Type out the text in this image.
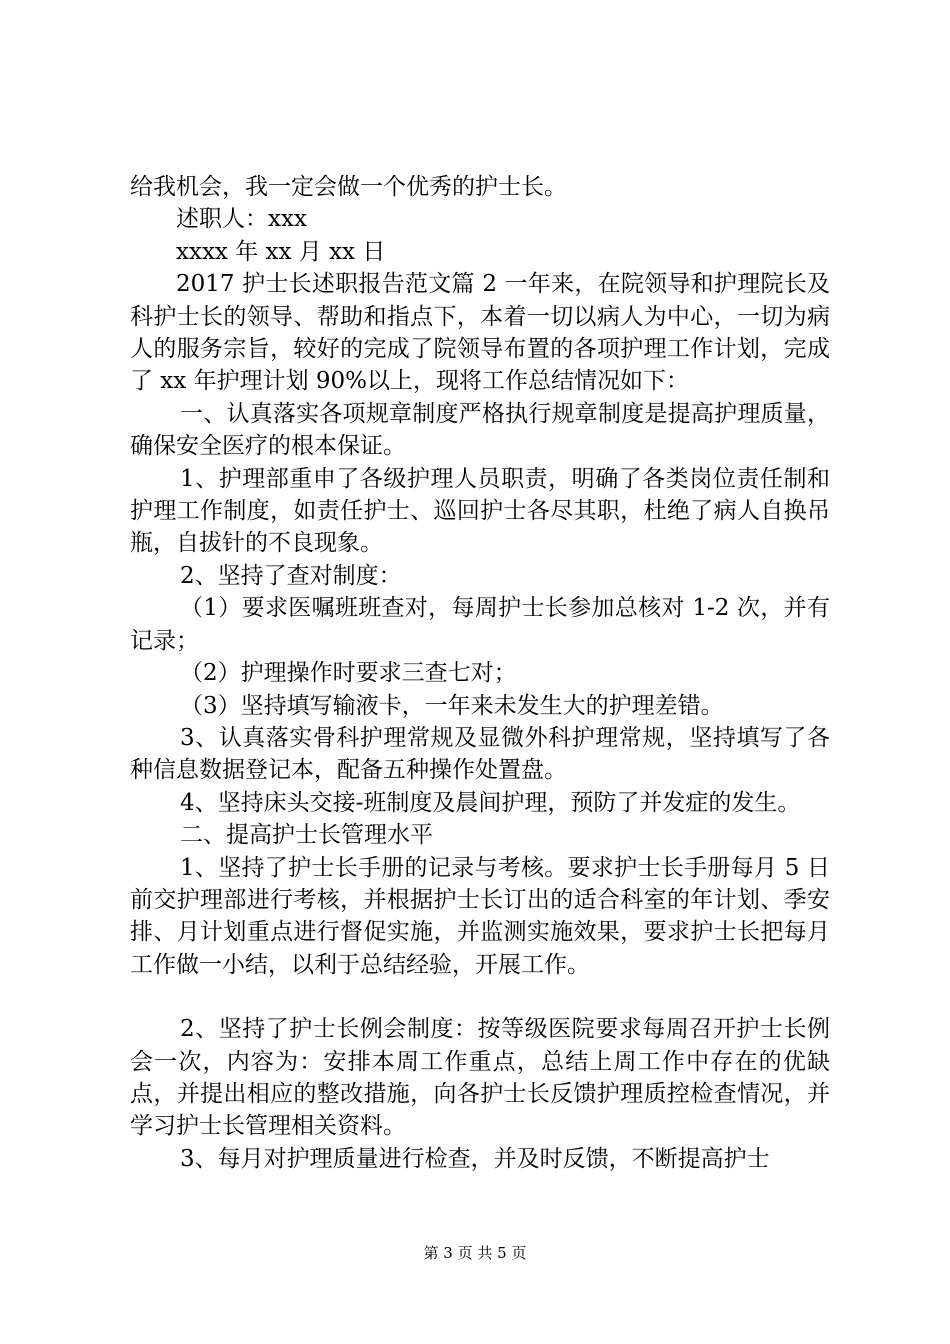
给我机会，我一定会做一个优秀的护士长。

述职人：xxx

xxxx 年 xx 月 xx 日

2017 护士长述职报告范文篇 2 一年来，在院领导和护理院长及科护士长的领导、帮助和指点下，本着一切以病人为中心，一切为病人的服务宗旨，较好的完成了院领导布置的各项护理工作计划，完成了 xx 年护理计划 90%以上，现将工作总结情况如下：

一、认真落实各项规章制度严格执行规章制度是提高护理质量，确保安全医疗的根本保证。

1、护理部重申了各级护理人员职责，明确了各类岗位责任制和护理工作制度，如责任护士、巡回护士各尽其职，杜绝了病人自换吊瓶，自拔针的不良现象。

2、坚持了查对制度：

（1）要求医嘱班班查对，每周护士长参加总核对 1-2 次，并有记录；

（2）护理操作时要求三查七对；

（3）坚持填写输液卡，一年来未发生大的护理差错。

3、认真落实骨科护理常规及显微外科护理常规，坚持填写了各种信息数据登记本，配备五种操作处置盘。

4、坚持床头交接-班制度及晨间护理，预防了并发症的发生。

二、提高护士长管理水平

1、坚持了护士长手册的记录与考核。要求护士长手册每月 5 日前交护理部进行考核，并根据护士长订出的适合科室的年计划、季安排、月计划重点进行督促实施，并监测实施效果，要求护士长把每月工作做一小结，以利于总结经验，开展工作。

2、坚持了护士长例会制度：按等级医院要求每周召开护士长例会一次，内容为：安排本周工作重点，总结上周工作中存在的优缺点，并提出相应的整改措施，向各护士长反馈护理质控检查情况，并学习护士长管理相关资料。

3、每月对护理质量进行检查，并及时反馈，不断提高护士

第 3 页 共 5 页
